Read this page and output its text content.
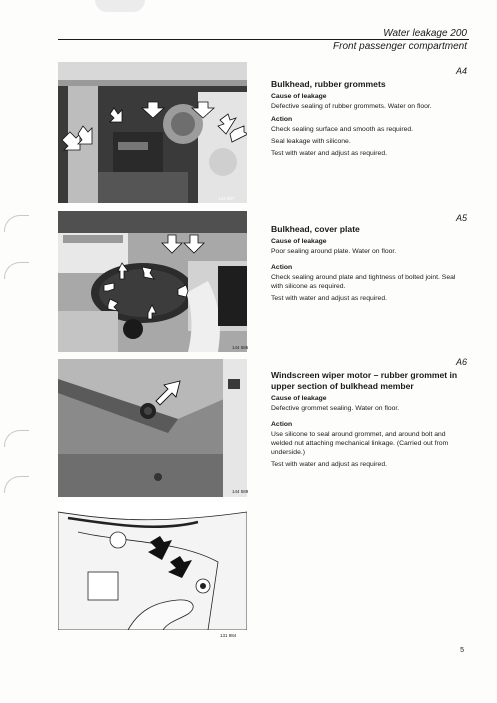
Water leakage 200
Front passenger compartment
144 587
144 586
144 589
131 984
A4
Bulkhead, rubber grommets
Cause of leakage

Defective sealing of rubber grommets. Water on floor.

Action

Check sealing surface and smooth as required.

Seal leakage with silicone.

Test with water and adjust as required.

A5
Bulkhead, cover plate
Cause of leakage

Poor sealing around plate. Water on floor.

Action

Check sealing around plate and tightness of bolted joint. Seal with silicone as required.

Test with water and adjust as required.

A6
Windscreen wiper motor – rubber grommet in upper section of bulkhead member
Cause of leakage

Defective grommet sealing. Water on floor.

Action

Use silicone to seal around grommet, and around bolt and welded nut attaching mechanical linkage. (Carried out from underside.)

Test with water and adjust as required.

5
